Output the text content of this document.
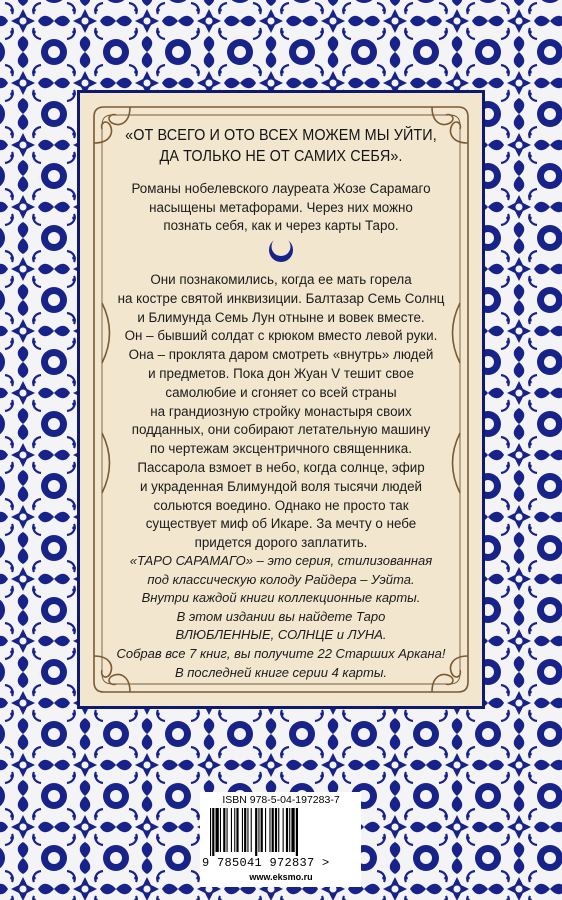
«ОТ ВСЕГО И ОТО ВСЕХ МОЖЕМ МЫ УЙТИ,
ДА ТОЛЬКО НЕ ОТ САМИХ СЕБЯ».
Романы нобелевского лауреата Жозе Сарамаго
насыщены метафорами. Через них можно
познать себя, как и через карты Таро.
Они познакомились, когда ее мать горела
на костре святой инквизиции. Балтазар Семь Солнц
и Блимунда Семь Лун отныне и вовек вместе.
Он – бывший солдат с крюком вместо левой руки.
Она – проклята даром смотреть «внутрь» людей
и предметов. Пока дон Жуан V тешит свое
самолюбие и сгоняет со всей страны
на грандиозную стройку монастыря своих
подданных, они собирают летательную машину
по чертежам эксцентричного священника.
Пассарола взмоет в небо, когда солнце, эфир
и украденная Блимундой воля тысячи людей
сольются воедино. Однако не просто так
существует миф об Икаре. За мечту о небе
придется дорого заплатить.
«ТАРО САРАМАГО» – это серия, стилизованная
под классическую колоду Райдера – Уэйта.
Внутри каждой книги коллекционные карты.
В этом издании вы найдете Таро
ВЛЮБЛЕННЫЕ, СОЛНЦЕ и ЛУНА.
Собрав все 7 книг, вы получите 22 Старших Аркана!
В последней книге серии 4 карты.
ISBN 978-5-04-197283-7
9 785041 972837 >
www.eksmo.ru
